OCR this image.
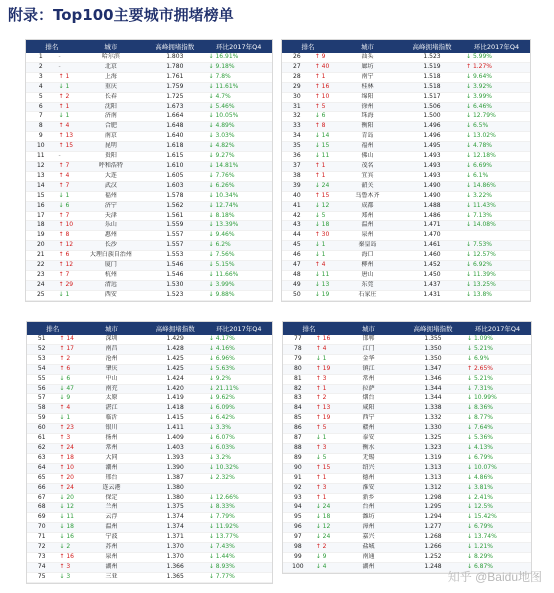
附录：Top100主要城市拥堵榜单
排名		城市	高峰拥堵指数	环比2017年Q4
1	-	哈尔滨	1.803	↓ 16.91%
2	-	北京	1.780	↓ 9.18%
3	↑ 1	上海	1.761	↓ 7.8%
4	↓ 1	重庆	1.759	↓ 11.61%
5	↑ 2	长春	1.725	↓ 4.7%
6	↑ 1	沈阳	1.673	↓ 5.46%
7	↓ 1	济南	1.664	↓ 10.05%
8	↑ 4	合肥	1.648	↓ 4.89%
9	↑ 13	南京	1.640	↓ 3.03%
10	↑ 15	昆明	1.618	↓ 4.82%
11	-	贵阳	1.615	↓ 9.27%
12	↑ 7	呼和浩特	1.610	↓ 14.81%
13	↑ 4	大连	1.605	↓ 7.76%
14	↑ 7	武汉	1.603	↓ 6.26%
15	↓ 1	福州	1.578	↓ 10.34%
16	↓ 6	济宁	1.562	↓ 12.74%
17	↑ 7	天津	1.561	↓ 8.18%
18	↑ 10	乐山	1.559	↓ 13.39%
19	↑ 8	惠州	1.557	↓ 9.46%
20	↑ 12	长沙	1.557	↓ 6.2%
21	↑ 6	大理白族自治州	1.553	↓ 7.56%
22	↑ 12	厦门	1.546	↓ 5.15%
23	↑ 7	杭州	1.546	↓ 11.66%
24	↑ 29	清远	1.530	↓ 3.99%
25	↓ 1	西安	1.523	↓ 9.88%
排名		城市	高峰拥堵指数	环比2017年Q4
26	↑ 9	汕头	1.523	↓ 5.99%
27	↑ 40	廊坊	1.519	↑ 1.27%
28	↑ 1	南宁	1.518	↓ 9.64%
29	↑ 16	桂林	1.518	↓ 3.92%
30	↑ 10	绵阳	1.517	↓ 3.99%
31	↑ 5	徐州	1.506	↓ 6.46%
32	↓ 6	珠海	1.500	↓ 12.79%
33	↑ 8	衡阳	1.496	↓ 6.5%
34	↓ 14	青岛	1.496	↓ 13.02%
35	↓ 15	福州	1.495	↓ 4.78%
36	↓ 11	佛山	1.493	↓ 12.18%
37	↑ 1	茂名	1.493	↓ 6.69%
38	↑ 1	宜宾	1.493	↓ 6.1%
39	↓ 24	韶关	1.490	↓ 14.86%
40	↑ 15	乌鲁木齐	1.490	↓ 3.22%
41	↓ 12	成都	1.488	↓ 11.43%
42	↓ 5	郑州	1.486	↓ 7.13%
43	↓ 18	温州	1.471	↓ 14.08%
44	↑ 30	泉州	1.470	
45	↓ 1	秦皇岛	1.461	↓ 7.53%
46	↓ 1	海口	1.460	↓ 12.57%
47	↑ 4	柳州	1.452	↓ 6.92%
48	↓ 11	唐山	1.450	↓ 11.39%
49	↓ 13	东莞	1.437	↓ 13.25%
50	↓ 19	石家庄	1.431	↓ 13.8%
排名		城市	高峰拥堵指数	环比2017年Q4
51	↑ 14	深圳	1.429	↓ 4.17%
52	↑ 17	南昌	1.428	↓ 4.16%
53	↑ 2	沧州	1.425	↓ 6.96%
54	↑ 6	肇庆	1.425	↓ 5.63%
55	↓ 6	中山	1.424	↓ 9.2%
56	↓ 47	南充	1.420	↓ 21.11%
57	↓ 9	太原	1.419	↓ 9.62%
58	↑ 4	湛江	1.418	↓ 6.09%
59	↓ 1	临沂	1.415	↓ 6.42%
60	↑ 23	银川	1.411	↓ 3.3%
61	↑ 3	扬州	1.409	↓ 6.07%
62	↑ 24	常州	1.403	↓ 6.03%
63	↑ 18	大同	1.393	↓ 3.2%
64	↑ 10	潮州	1.390	↓ 10.32%
65	↑ 20	邢台	1.387	↓ 2.32%
66	↑ 24	连云港	1.380	
67	↓ 20	保定	1.380	↓ 12.66%
68	↓ 12	兰州	1.375	↓ 8.33%
69	↓ 11	云浮	1.374	↓ 7.79%
70	↓ 18	温州	1.374	↓ 11.92%
71	↓ 16	宁波	1.371	↓ 13.77%
72	↓ 2	苏州	1.370	↓ 7.43%
73	↑ 16	泉州	1.370	↓ 1.44%
74	↑ 3	湖州	1.366	↓ 8.93%
75	↓ 3	三亚	1.365	↓ 7.77%
排名		城市	高峰拥堵指数	环比2017年Q4
77	↑ 16	邯郸	1.355	↓ 1.09%
78	↑ 4	江门	1.350	↓ 5.21%
79	↓ 1	金华	1.350	↓ 6.9%
80	↑ 19	镇江	1.347	↑ 2.65%
81	↑ 3	常州	1.346	↓ 5.21%
82	↑ 1	拉萨	1.344	↓ 7.31%
83	↑ 2	烟台	1.344	↓ 10.99%
84	↑ 13	咸阳	1.338	↓ 8.36%
85	↑ 19	西宁	1.332	↓ 8.77%
86	↑ 5	赣州	1.330	↓ 7.64%
87	↓ 1	泰安	1.325	↓ 5.36%
88	↑ 3	衡水	1.323	↓ 4.13%
89	↓ 5	无锡	1.319	↓ 6.79%
90	↑ 15	绍兴	1.313	↓ 10.07%
91	↑ 1	德州	1.313	↓ 4.86%
92	↑ 3	淮安	1.312	↓ 3.81%
93	↑ 1	新乡	1.298	↓ 2.41%
94	↓ 24	台州	1.295	↓ 12.5%
95	↓ 18	潍坊	1.294	↓ 15.42%
96	↓ 12	漳州	1.277	↓ 6.79%
97	↓ 24	嘉兴	1.268	↓ 13.74%
98	↑ 2	盐城	1.266	↓ 1.21%
99	↓ 9	南通	1.252	↓ 8.29%
100	↓ 4	湖州	1.248	↓ 6.87%
知乎 @Baidu地图
